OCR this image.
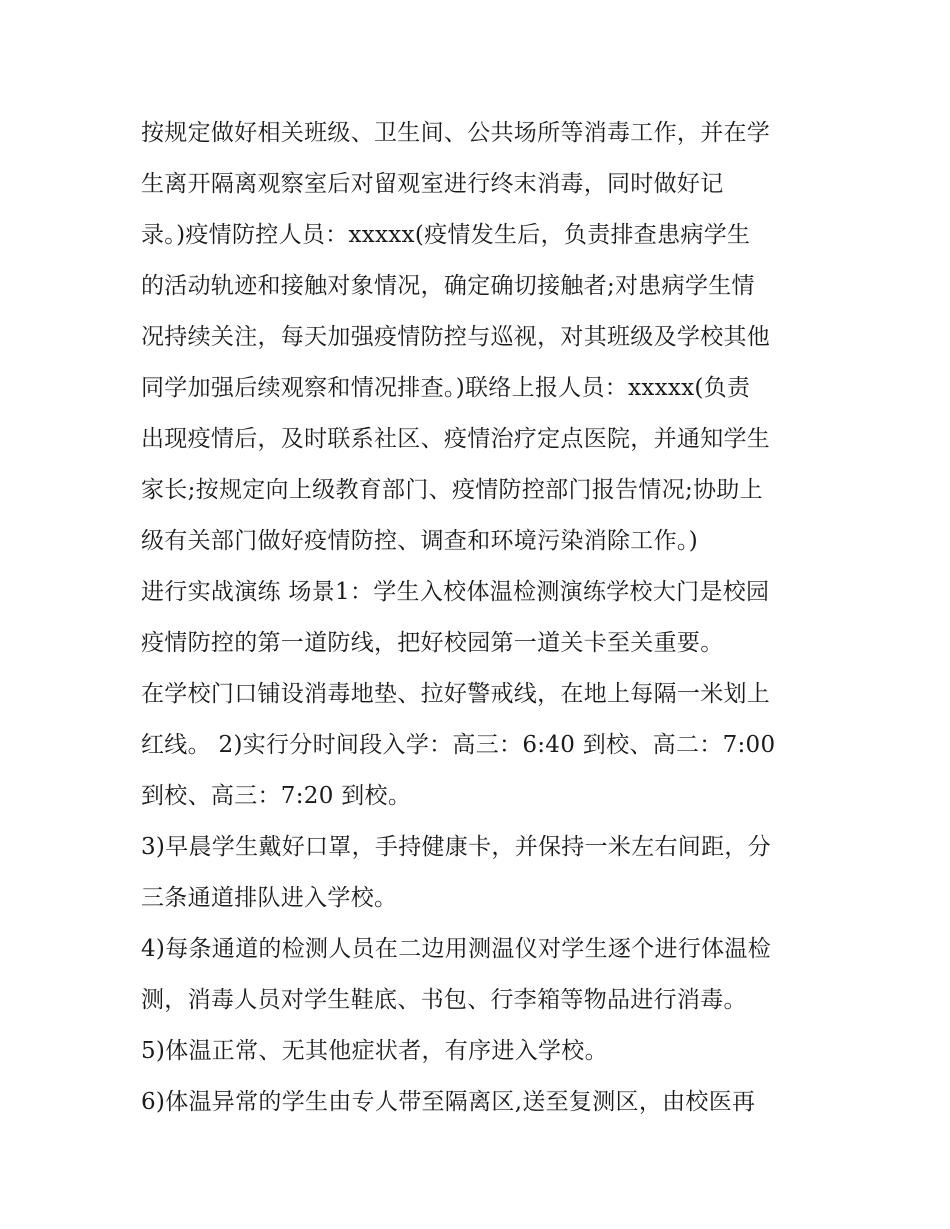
按规定做好相关班级、卫生间、公共场所等消毒工作，并在学
生离开隔离观察室后对留观室进行终末消毒，同时做好记
录。)疫情防控人员：xxxxx(疫情发生后，负责排查患病学生
的活动轨迹和接触对象情况，确定确切接触者;对患病学生情
况持续关注，每天加强疫情防控与巡视，对其班级及学校其他
同学加强后续观察和情况排查。)联络上报人员：xxxxx(负责
出现疫情后，及时联系社区、疫情治疗定点医院，并通知学生
家长;按规定向上级教育部门、疫情防控部门报告情况;协助上
级有关部门做好疫情防控、调查和环境污染消除工作。)
进行实战演练 场景1：学生入校体温检测演练学校大门是校园
疫情防控的第一道防线，把好校园第一道关卡至关重要。
在学校门口铺设消毒地垫、拉好警戒线，在地上每隔一米划上
红线。 2)实行分时间段入学：高三：6:40 到校、高二：7:00
到校、高三：7:20 到校。
3)早晨学生戴好口罩，手持健康卡，并保持一米左右间距，分
三条通道排队进入学校。
4)每条通道的检测人员在二边用测温仪对学生逐个进行体温检
测，消毒人员对学生鞋底、书包、行李箱等物品进行消毒。
5)体温正常、无其他症状者，有序进入学校。
6)体温异常的学生由专人带至隔离区,送至复测区，由校医再
